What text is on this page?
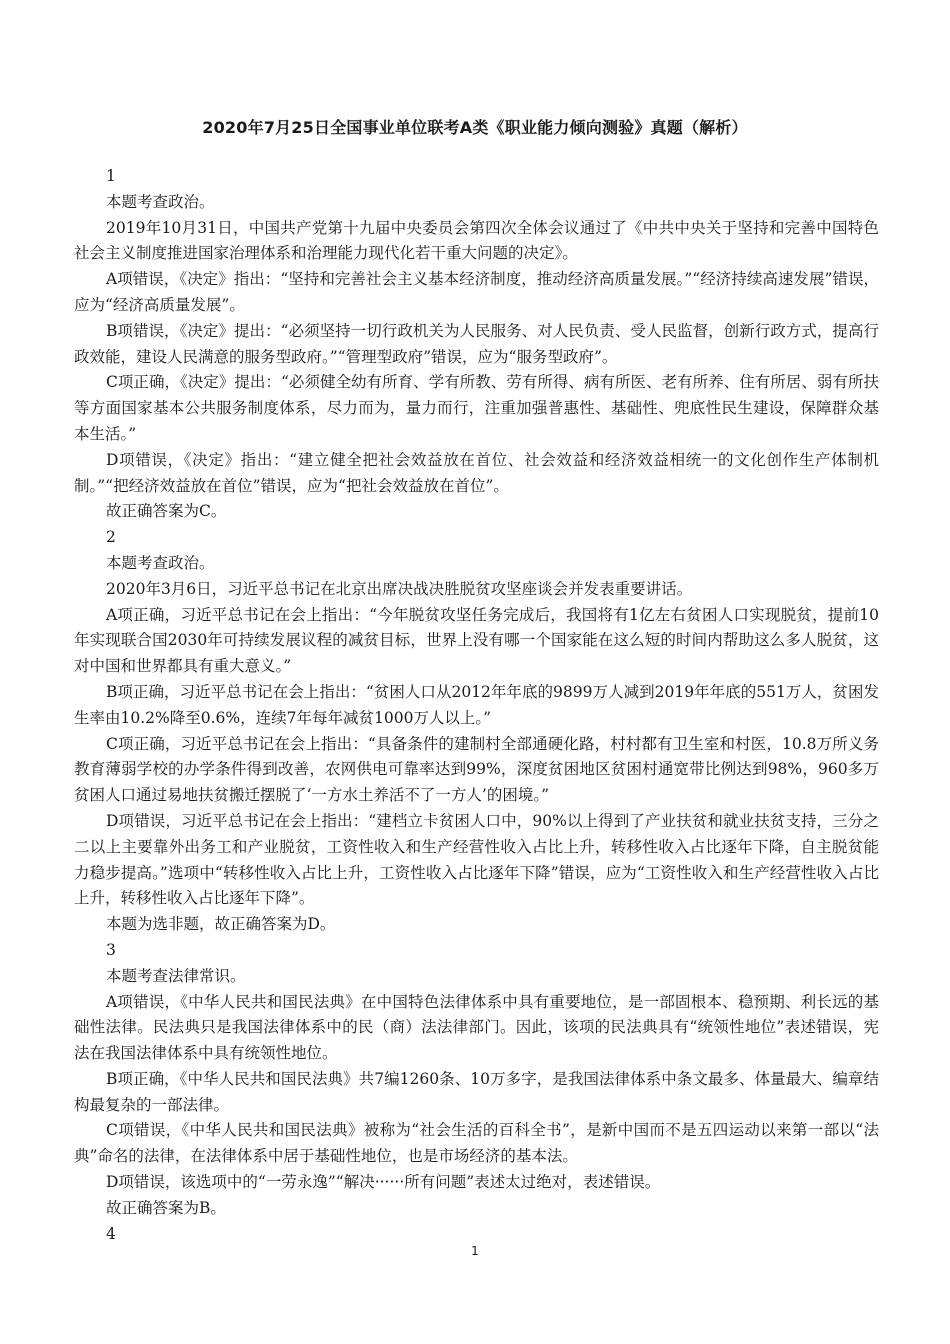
2020年7月25日全国事业单位联考A类《职业能力倾向测验》真题（解析）

1

本题考查政治。

2019年10月31日，中国共产党第十九届中央委员会第四次全体会议通过了《中共中央关于坚持和完善中国特色社会主义制度推进国家治理体系和治理能力现代化若干重大问题的决定》。

A项错误，《决定》指出：“坚持和完善社会主义基本经济制度，推动经济高质量发展。”“经济持续高速发展”错误，应为“经济高质量发展”。

B项错误，《决定》提出：“必须坚持一切行政机关为人民服务、对人民负责、受人民监督，创新行政方式，提高行政效能，建设人民满意的服务型政府。”“管理型政府”错误，应为“服务型政府”。

C项正确，《决定》提出：“必须健全幼有所育、学有所教、劳有所得、病有所医、老有所养、住有所居、弱有所扶等方面国家基本公共服务制度体系，尽力而为，量力而行，注重加强普惠性、基础性、兜底性民生建设，保障群众基本生活。”

D项错误，《决定》指出：“建立健全把社会效益放在首位、社会效益和经济效益相统一的文化创作生产体制机制。”“把经济效益放在首位”错误，应为“把社会效益放在首位”。

故正确答案为C。

2

本题考查政治。

2020年3月6日，习近平总书记在北京出席决战决胜脱贫攻坚座谈会并发表重要讲话。

A项正确，习近平总书记在会上指出：“今年脱贫攻坚任务完成后，我国将有1亿左右贫困人口实现脱贫，提前10年实现联合国2030年可持续发展议程的减贫目标，世界上没有哪一个国家能在这么短的时间内帮助这么多人脱贫，这对中国和世界都具有重大意义。”

B项正确，习近平总书记在会上指出：“贫困人口从2012年年底的9899万人减到2019年年底的551万人，贫困发生率由10.2%降至0.6%，连续7年每年减贫1000万人以上。”

C项正确，习近平总书记在会上指出：“具备条件的建制村全部通硬化路，村村都有卫生室和村医，10.8万所义务教育薄弱学校的办学条件得到改善，农网供电可靠率达到99%，深度贫困地区贫困村通宽带比例达到98%，960多万贫困人口通过易地扶贫搬迁摆脱了‘一方水土养活不了一方人’的困境。”

D项错误，习近平总书记在会上指出：“建档立卡贫困人口中，90%以上得到了产业扶贫和就业扶贫支持，三分之二以上主要靠外出务工和产业脱贫，工资性收入和生产经营性收入占比上升，转移性收入占比逐年下降，自主脱贫能力稳步提高。”选项中“转移性收入占比上升，工资性收入占比逐年下降”错误，应为“工资性收入和生产经营性收入占比上升，转移性收入占比逐年下降”。

本题为选非题，故正确答案为D。

3

本题考查法律常识。

A项错误，《中华人民共和国民法典》在中国特色法律体系中具有重要地位，是一部固根本、稳预期、利长远的基础性法律。民法典只是我国法律体系中的民（商）法法律部门。因此，该项的民法典具有“统领性地位”表述错误，宪法在我国法律体系中具有统领性地位。

B项正确，《中华人民共和国民法典》共7编1260条、10万多字，是我国法律体系中条文最多、体量最大、编章结构最复杂的一部法律。

C项错误，《中华人民共和国民法典》被称为“社会生活的百科全书”，是新中国而不是五四运动以来第一部以“法典”命名的法律，在法律体系中居于基础性地位，也是市场经济的基本法。

D项错误，该选项中的“一劳永逸”“解决······所有问题”表述太过绝对，表述错误。

故正确答案为B。

4

1
